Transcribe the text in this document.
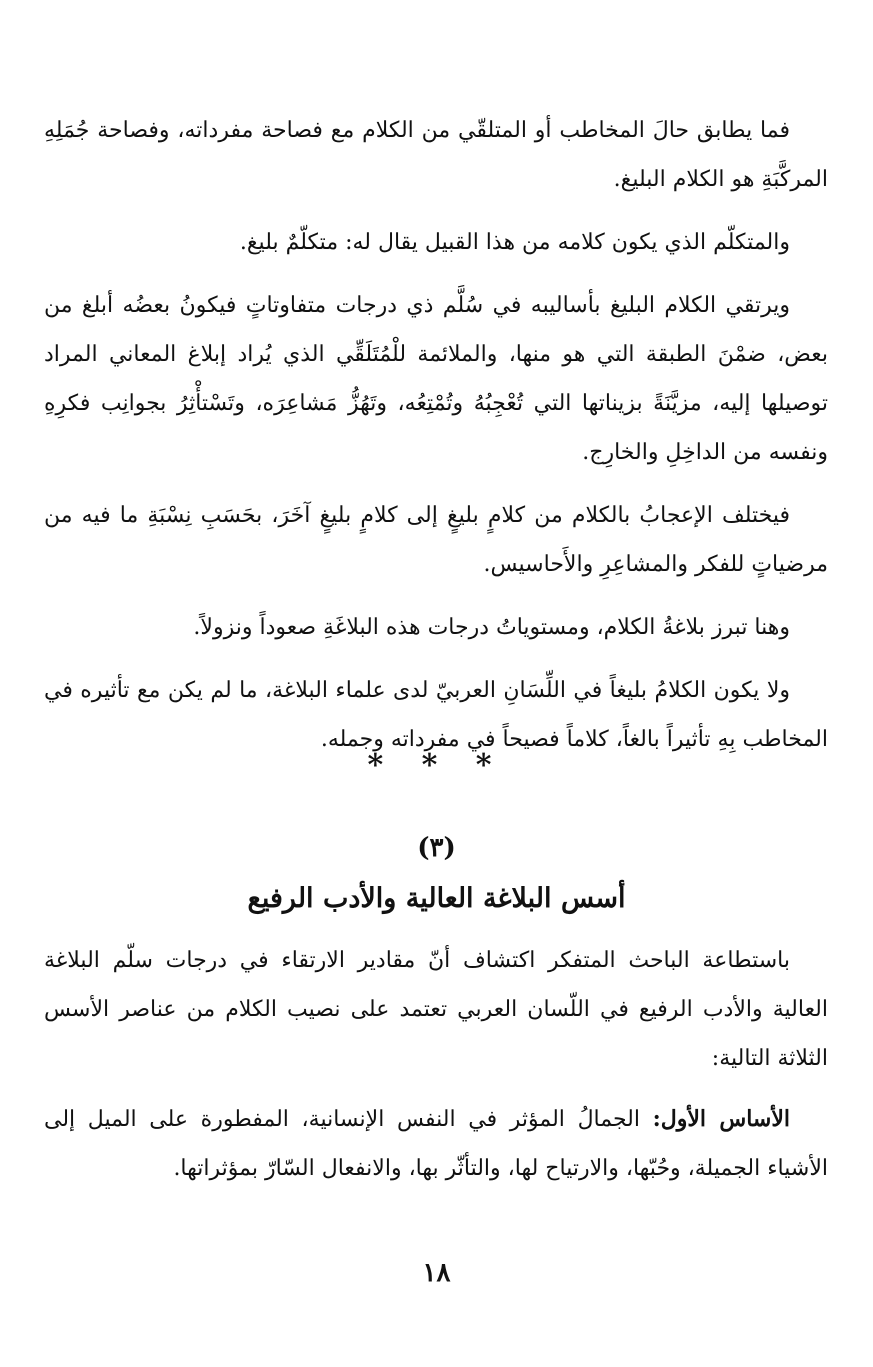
فما يطابق حالَ المخاطب أو المتلقّي من الكلام مع فصاحة مفرداته، وفصاحة جُمَلِهِ المركَّبَةِ هو الكلام البليغ.

والمتكلّم الذي يكون كلامه من هذا القبيل يقال له: متكلّمٌ بليغ.

ويرتقي الكلام البليغ بأساليبه في سُلَّم ذي درجات متفاوتاتٍ فيكونُ بعضُه أبلغ من بعض، ضمْنَ الطبقة التي هو منها، والملائمة للْمُتَلَقِّي الذي يُراد إبلاغ المعاني المراد توصيلها إليه، مزيَّنَةً بزيناتها التي تُعْجِبُهُ وتُمْتِعُه، وتَهُزُّ مَشاعِرَه، وتَسْتأْثِرُ بجوانِب فكرِهِ ونفسه من الداخِلِ والخارِج.

فيختلف الإعجابُ بالكلام من كلامٍ بليغٍ إلى كلامٍ بليغٍ آخَرَ، بحَسَبِ نِسْبَةِ ما فيه من مرضياتٍ للفكر والمشاعِرِ والأَحاسيس.

وهنا تبرز بلاغةُ الكلام، ومستوياتُ درجات هذه البلاغَةِ صعوداً ونزولاً.

ولا يكون الكلامُ بليغاً في اللِّسَانِ العربيّ لدى علماء البلاغة، ما لم يكن مع تأثيره في المخاطب بِهِ تأثيراً بالغاً، كلاماً فصيحاً في مفرداته وجمله.

* * *
(٣)
أسس البلاغة العالية والأدب الرفيع

باستطاعة الباحث المتفكر اكتشاف أنّ مقادير الارتقاء في درجات سلّم البلاغة العالية والأدب الرفيع في اللّسان العربي تعتمد على نصيب الكلام من عناصر الأسس الثلاثة التالية:

الأساس الأول: الجمالُ المؤثر في النفس الإنسانية، المفطورة على الميل إلى الأشياء الجميلة، وحُبّها، والارتياح لها، والتأثّر بها، والانفعال السّارّ بمؤثراتها.

١٨
